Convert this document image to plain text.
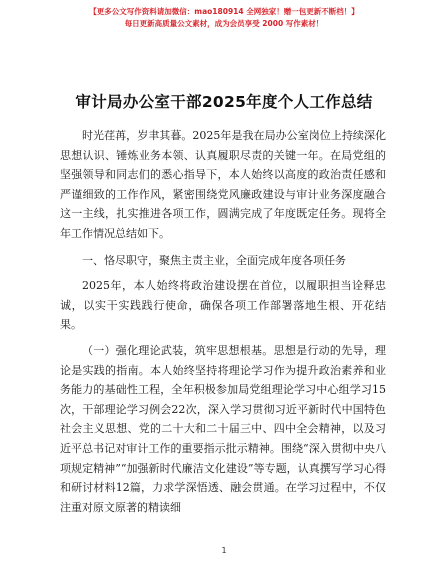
【更多公文写作资料请加微信：mao180914 全网独家！赠一包更新不断档！】
每日更新高质量公文素材，成为会员享受 2000 写作素材！
审计局办公室干部2025年度个人工作总结

时光荏苒，岁聿其暮。2025年是我在局办公室岗位上持续深化思想认识、锤炼业务本领、认真履职尽责的关键一年。在局党组的坚强领导和同志们的悉心指导下，本人始终以高度的政治责任感和严谨细致的工作作风，紧密围绕党风廉政建设与审计业务深度融合这一主线，扎实推进各项工作，圆满完成了年度既定任务。现将全年工作情况总结如下。

一、恪尽职守，聚焦主责主业，全面完成年度各项任务

2025年，本人始终将政治建设摆在首位，以履职担当诠释忠诚，以实干实践践行使命，确保各项工作部署落地生根、开花结果。

（一）强化理论武装，筑牢思想根基。思想是行动的先导，理论是实践的指南。本人始终坚持将理论学习作为提升政治素养和业务能力的基础性工程，全年积极参加局党组理论学习中心组学习15次，干部理论学习例会22次，深入学习贯彻习近平新时代中国特色社会主义思想、党的二十大和二十届三中、四中全会精神，以及习近平总书记对审计工作的重要指示批示精神。围绕“深入贯彻中央八项规定精神”“加强新时代廉洁文化建设”等专题，认真撰写学习心得和研讨材料12篇，力求学深悟透、融会贯通。在学习过程中，不仅注重对原文原著的精读细

1
